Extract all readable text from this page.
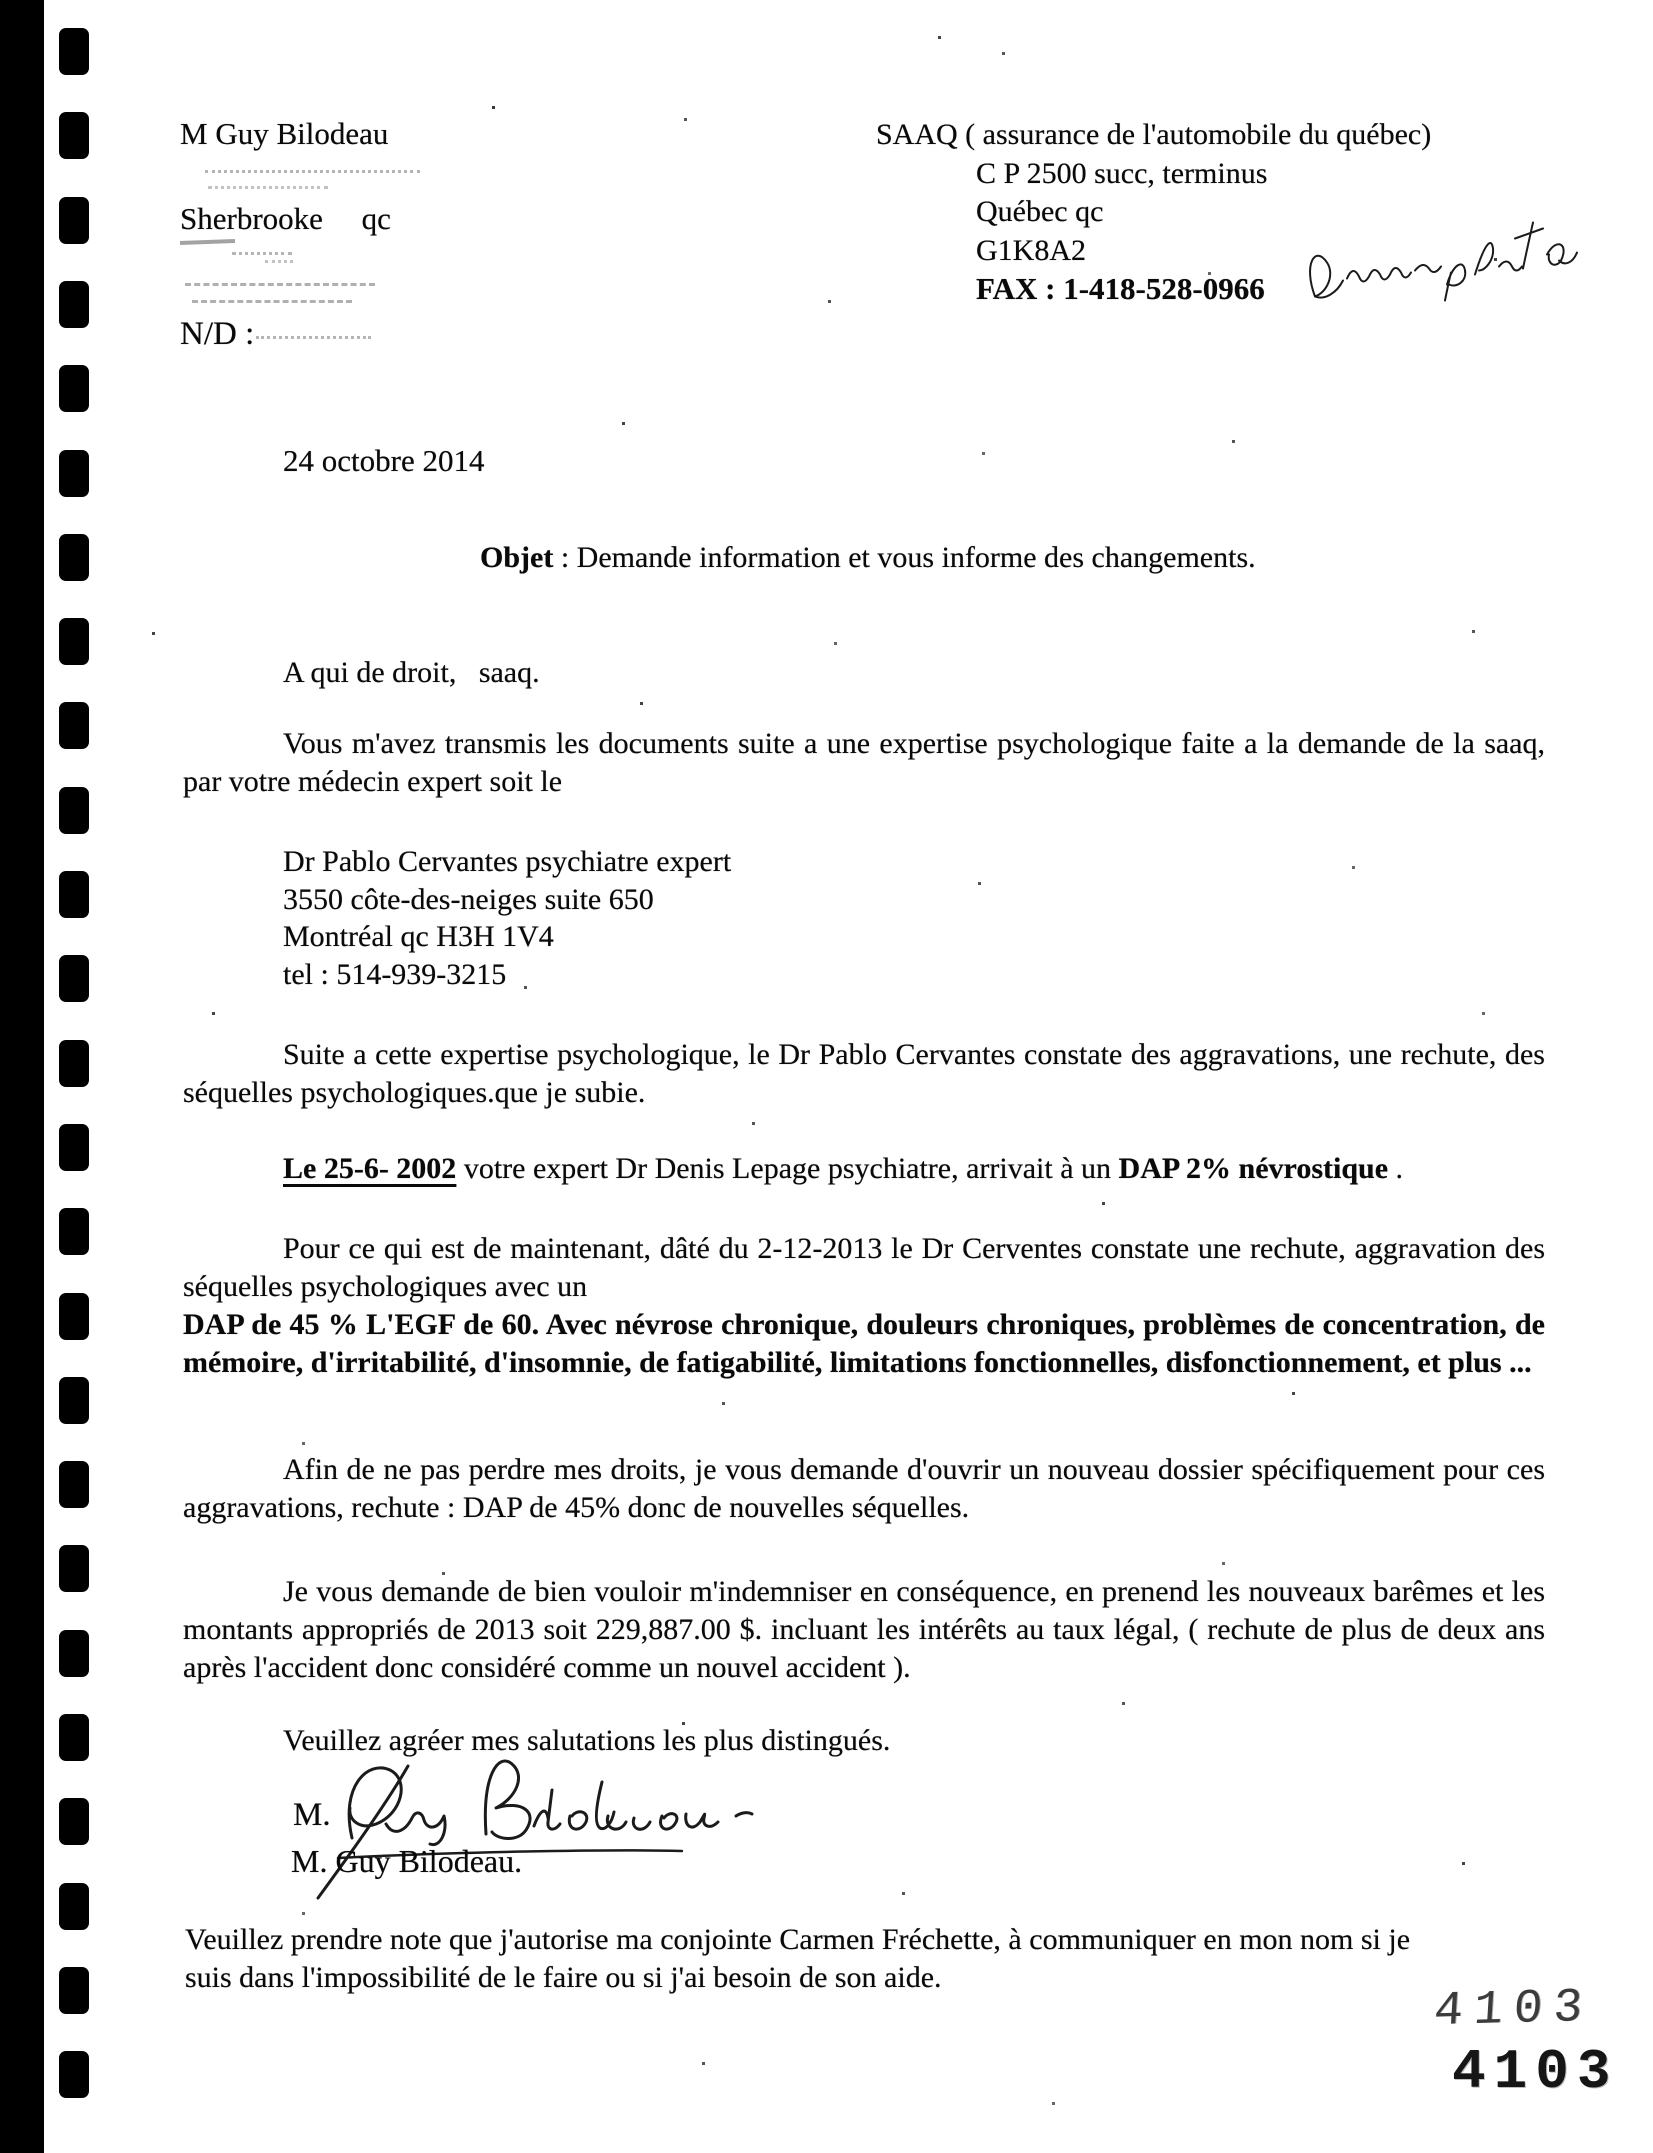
M Guy Bilodeau
Sherbrooke     qc
N/D :
SAAQ ( assurance de l'automobile du québec)
C P 2500 succ, terminus
Québec qc
G1K8A2
FAX : 1-418-528-0966
24 octobre 2014
Objet : Demande information et vous informe des changements.
A qui de droit,   saaq.
Vous m'avez transmis les documents suite a une expertise psychologique faite a la demande de la saaq, par votre médecin expert soit le
Dr Pablo Cervantes psychiatre expert
3550 côte-des-neiges suite 650
Montréal qc H3H 1V4
tel : 514-939-3215
Suite a cette expertise psychologique, le Dr Pablo Cervantes constate des aggravations, une rechute, des séquelles psychologiques.que je subie.
Le 25-6- 2002 votre expert Dr Denis Lepage psychiatre, arrivait à un DAP 2% névrostique .
Pour ce qui est de maintenant, dâté du 2-12-2013 le Dr Cerventes constate une rechute, aggravation des séquelles psychologiques avec un
DAP de 45 % L'EGF de 60. Avec névrose chronique, douleurs chroniques, problèmes de concentration, de mémoire, d'irritabilité, d'insomnie, de fatigabilité, limitations fonctionnelles, disfonctionnement, et plus ...
Afin de ne pas perdre mes droits, je vous demande d'ouvrir un nouveau dossier spécifiquement pour ces aggravations, rechute : DAP de 45% donc de nouvelles séquelles.
Je vous demande de bien vouloir m'indemniser en conséquence, en prenend les nouveaux barêmes et les montants appropriés de 2013 soit 229,887.00 $. incluant les intérêts au taux légal, ( rechute de plus de deux ans après l'accident donc considéré comme un nouvel accident ).
Veuillez agréer mes salutations les plus distingués.
M.
M. Guy Bilodeau.
Veuillez prendre note que j'autorise ma conjointe Carmen Fréchette, à communiquer en mon nom si je suis dans l'impossibilité de le faire ou si j'ai besoin de son aide.
4103
4103
